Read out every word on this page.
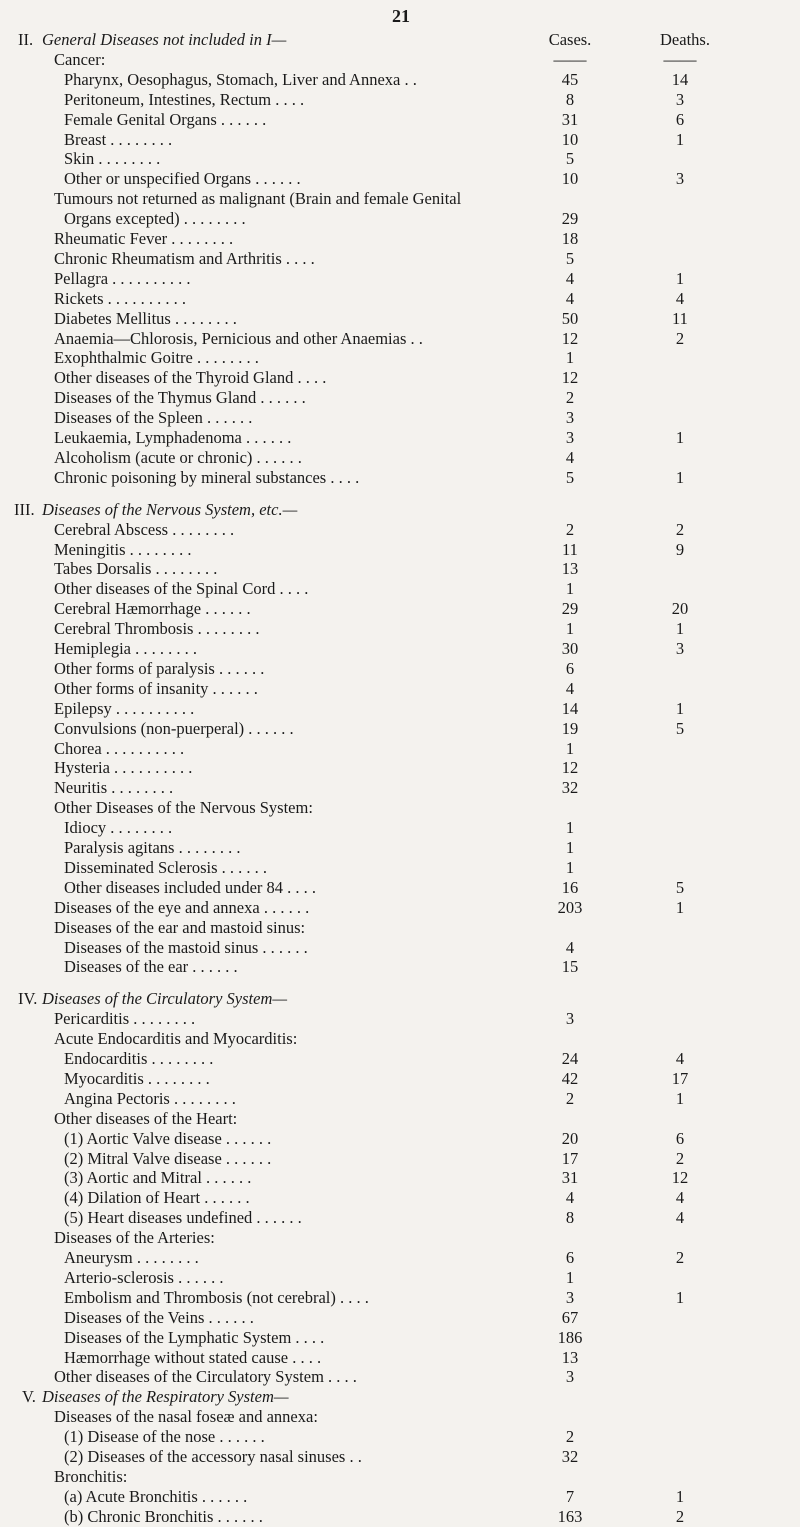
21
II. General Diseases not included in I—	Cases.	Deaths.
Cancer:	——	——
Pharynx, Oesophagus, Stomach, Liver and Annexa . .	45	14
Peritoneum, Intestines, Rectum . . . .	8	3
Female Genital Organs . . . . . .	31	6
Breast . . . . . . . .	10	1
Skin . . . . . . . .	5
Other or unspecified Organs . . . . . .	10	3
Tumours not returned as malignant (Brain and female Genital
Organs excepted) . . . . . . . .	29
Rheumatic Fever . . . . . . . .	18
Chronic Rheumatism and Arthritis . . . .	5
Pellagra . . . . . . . . . .	4	1
Rickets . . . . . . . . . .	4	4
Diabetes Mellitus . . . . . . . .	50	11
Anaemia—Chlorosis, Pernicious and other Anaemias . .	12	2
Exophthalmic Goitre . . . . . . . .	1
Other diseases of the Thyroid Gland . . . .	12
Diseases of the Thymus Gland . . . . . .	2
Diseases of the Spleen . . . . . .	3
Leukaemia, Lymphadenoma . . . . . .	3	1
Alcoholism (acute or chronic) . . . . . .	4
Chronic poisoning by mineral substances . . . .	5	1
III. Diseases of the Nervous System, etc.—
Cerebral Abscess . . . . . . . .	2	2
Meningitis . . . . . . . .	11	9
Tabes Dorsalis . . . . . . . .	13
Other diseases of the Spinal Cord . . . .	1
Cerebral Hæmorrhage . . . . . .	29	20
Cerebral Thrombosis . . . . . . . .	1	1
Hemiplegia . . . . . . . .	30	3
Other forms of paralysis . . . . . .	6
Other forms of insanity . . . . . .	4
Epilepsy . . . . . . . . . .	14	1
Convulsions (non-puerperal) . . . . . .	19	5
Chorea . . . . . . . . . .	1
Hysteria . . . . . . . . . .	12
Neuritis . . . . . . . .	32
Other Diseases of the Nervous System:
Idiocy . . . . . . . .	1
Paralysis agitans . . . . . . . .	1
Disseminated Sclerosis . . . . . .	1
Other diseases included under 84 . . . .	16	5
Diseases of the eye and annexa . . . . . .	203	1
Diseases of the ear and mastoid sinus:
Diseases of the mastoid sinus . . . . . .	4
Diseases of the ear . . . . . .	15
IV. Diseases of the Circulatory System—
Pericarditis . . . . . . . .	3
Acute Endocarditis and Myocarditis:
Endocarditis . . . . . . . .	24	4
Myocarditis . . . . . . . .	42	17
Angina Pectoris . . . . . . . .	2	1
Other diseases of the Heart:
(1) Aortic Valve disease . . . . . .	20	6
(2) Mitral Valve disease . . . . . .	17	2
(3) Aortic and Mitral . . . . . .	31	12
(4) Dilation of Heart . . . . . .	4	4
(5) Heart diseases undefined . . . . . .	8	4
Diseases of the Arteries:
Aneurysm . . . . . . . .	6	2
Arterio-sclerosis . . . . . .	1
Embolism and Thrombosis (not cerebral) . . . .	3	1
Diseases of the Veins . . . . . .	67
Diseases of the Lymphatic System . . . .	186
Hæmorrhage without stated cause . . . .	13
Other diseases of the Circulatory System . . . .	3
V. Diseases of the Respiratory System—
Diseases of the nasal foseæ and annexa:
(1) Disease of the nose . . . . . .	2
(2) Diseases of the accessory nasal sinuses . .	32
Bronchitis:
(a) Acute Bronchitis . . . . . .	7	1
(b) Chronic Bronchitis . . . . . .	163	2
